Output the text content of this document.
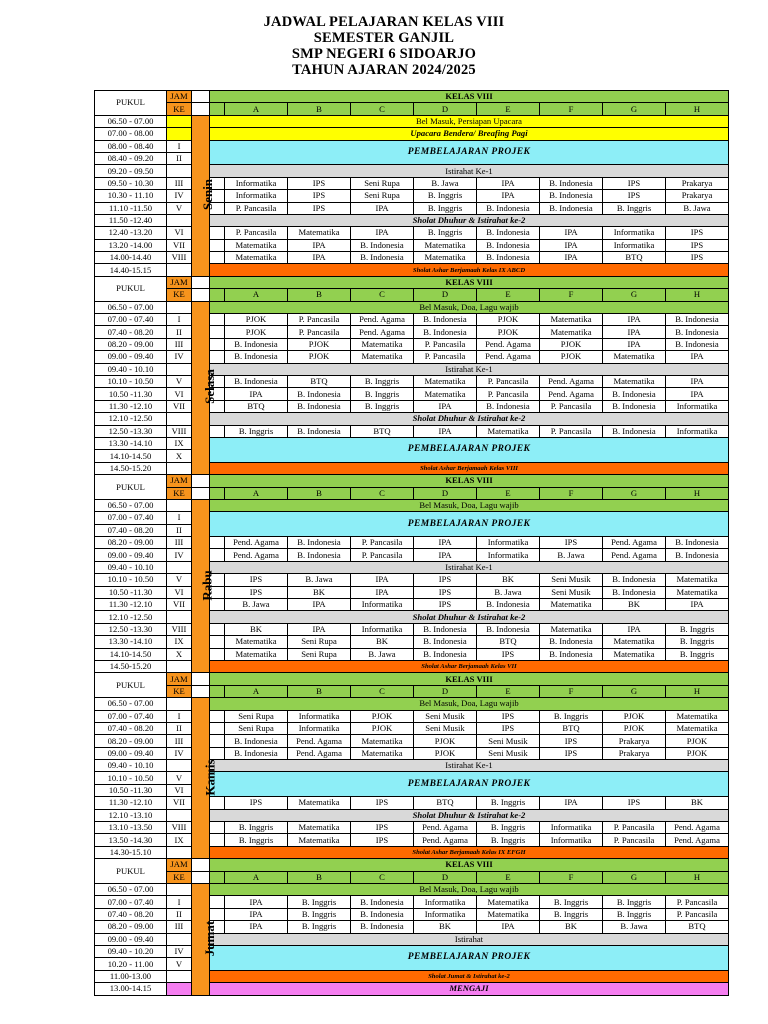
JADWAL PELAJARAN KELAS VIII
SEMESTER GANJIL
SMP NEGERI 6 SIDOARJO
TAHUN AJARAN 2024/2025
PUKUL	JAM		KELAS VIII								
	KE			A	B	C	D	E	F	G	H
06.50 - 07.00		Senin	Bel Masuk, Persiapan Upacara								
07.00 - 08.00			Upacara Bendera/ Breafing Pagi								
08.00 - 08.40	I		PEMBELAJARAN PROJEK								
08.40 - 09.20	II										
09.20 - 09.50			Istirahat Ke-1								
09.50 - 10.30	III			Informatika	IPS	Seni Rupa	B. Jawa	IPA	B. Indonesia	IPS	Prakarya
10.30 - 11.10	IV			Informatika	IPS	Seni Rupa	B. Inggris	IPA	B. Indonesia	IPS	Prakarya
11.10 -11.50	V			P. Pancasila	IPS	IPA	B. Inggris	B. Indonesia	B. Indonesia	B. Inggris	B. Jawa
11.50 -12.40			Sholat Dhuhur & Istirahat ke-2								
12.40 -13.20	VI			P. Pancasila	Matematika	IPA	B. Inggris	B. Indonesia	IPA	Informatika	IPS
13.20 -14.00	VII			Matematika	IPA	B. Indonesia	Matematika	B. Indonesia	IPA	Informatika	IPS
14.00-14.40	VIII			Matematika	IPA	B. Indonesia	Matematika	B. Indonesia	IPA	BTQ	IPS
14.40-15.15			Sholat Ashar Berjamaah Kelas IX ABCD								
PUKUL	JAM		KELAS VIII								
	KE			A	B	C	D	E	F	G	H
06.50 - 07.00		Selasa	Bel Masuk, Doa, Lagu wajib								
07.00 - 07.40	I			PJOK	P. Pancasila	Pend. Agama	B. Indonesia	PJOK	Matematika	IPA	B. Indonesia
07.40 - 08.20	II			PJOK	P. Pancasila	Pend. Agama	B. Indonesia	PJOK	Matematika	IPA	B. Indonesia
08.20 - 09.00	III			B. Indonesia	PJOK	Matematika	P. Pancasila	Pend. Agama	PJOK	IPA	B. Indonesia
09.00 - 09.40	IV			B. Indonesia	PJOK	Matematika	P. Pancasila	Pend. Agama	PJOK	Matematika	IPA
09.40 - 10.10			Istirahat Ke-1								
10.10 - 10.50	V			B. Indonesia	BTQ	B. Inggris	Matematika	P. Pancasila	Pend. Agama	Matematika	IPA
10.50 -11.30	VI			IPA	B. Indonesia	B. Inggris	Matematika	P. Pancasila	Pend. Agama	B. Indonesia	IPA
11.30 -12.10	VII			BTQ	B. Indonesia	B. Inggris	IPA	B. Indonesia	P. Pancasila	B. Indonesia	Informatika
12.10 -12.50			Sholat Dhuhur & Istirahat ke-2								
12.50 -13.30	VIII			B. Inggris	B. Indonesia	BTQ	IPA	Matematika	P. Pancasila	B. Indonesia	Informatika
13.30 -14.10	IX		PEMBELAJARAN PROJEK								
14.10-14.50	X										
14.50-15.20			Sholat Ashar Berjamaah Kelas VIII								
PUKUL	JAM		KELAS VIII								
	KE			A	B	C	D	E	F	G	H
06.50 - 07.00		Rabu	Bel Masuk, Doa, Lagu wajib								
07.00 - 07.40	I		PEMBELAJARAN PROJEK								
07.40 - 08.20	II										
08.20 - 09.00	III			Pend. Agama	B. Indonesia	P. Pancasila	IPA	Informatika	IPS	Pend. Agama	B. Indonesia
09.00 - 09.40	IV			Pend. Agama	B. Indonesia	P. Pancasila	IPA	Informatika	B. Jawa	Pend. Agama	B. Indonesia
09.40 - 10.10			Istirahat Ke-1								
10.10 - 10.50	V			IPS	B. Jawa	IPA	IPS	BK	Seni Musik	B. Indonesia	Matematika
10.50 -11.30	VI			IPS	BK	IPA	IPS	B. Jawa	Seni Musik	B. Indonesia	Matematika
11.30 -12.10	VII			B. Jawa	IPA	Informatika	IPS	B. Indonesia	Matematika	BK	IPA
12.10 -12.50			Sholat Dhuhur & Istirahat ke-2								
12.50 -13.30	VIII			BK	IPA	Informatika	B. Indonesia	B. Indonesia	Matematika	IPA	B. Inggris
13.30 -14.10	IX			Matematika	Seni Rupa	BK	B. Indonesia	BTQ	B. Indonesia	Matematika	B. Inggris
14.10-14.50	X			Matematika	Seni Rupa	B. Jawa	B. Indonesia	IPS	B. Indonesia	Matematika	B. Inggris
14.50-15.20			Sholat Ashar Berjamaah Kelas VII								
PUKUL	JAM		KELAS VIII								
	KE			A	B	C	D	E	F	G	H
06.50 - 07.00		Kamis	Bel Masuk, Doa, Lagu wajib								
07.00 - 07.40	I			Seni Rupa	Informatika	PJOK	Seni Musik	IPS	B. Inggris	PJOK	Matematika
07.40 - 08.20	II			Seni Rupa	Informatika	PJOK	Seni Musik	IPS	BTQ	PJOK	Matematika
08.20 - 09.00	III			B. Indonesia	Pend. Agama	Matematika	PJOK	Seni Musik	IPS	Prakarya	PJOK
09.00 - 09.40	IV			B. Indonesia	Pend. Agama	Matematika	PJOK	Seni Musik	IPS	Prakarya	PJOK
09.40 - 10.10			Istirahat Ke-1								
10.10 - 10.50	V		PEMBELAJARAN PROJEK								
10.50 -11.30	VI										
11.30 -12.10	VII			IPS	Matematika	IPS	BTQ	B. Inggris	IPA	IPS	BK
12.10 -13.10			Sholat Dhuhur & Istirahat ke-2								
13.10 -13.50	VIII			B. Inggris	Matematika	IPS	Pend. Agama	B. Inggris	Informatika	P. Pancasila	Pend. Agama
13.50 -14.30	IX			B. Inggris	Matematika	IPS	Pend. Agama	B. Inggris	Informatika	P. Pancasila	Pend. Agama
14.30-15.10			Sholat Ashar Berjamaah Kelas IX EFGH								
PUKUL	JAM		KELAS VIII								
	KE			A	B	C	D	E	F	G	H
06.50 - 07.00		Jumat	Bel Masuk, Doa, Lagu wajib								
07.00 - 07.40	I			IPA	B. Inggris	B. Indonesia	Informatika	Matematika	B. Inggris	B. Inggris	P. Pancasila
07.40 - 08.20	II			IPA	B. Inggris	B. Indonesia	Informatika	Matematika	B. Inggris	B. Inggris	P. Pancasila
08.20 - 09.00	III			IPA	B. Inggris	B. Indonesia	BK	IPA	BK	B. Jawa	BTQ
09.00 - 09.40			Istirahat								
09.40 - 10.20	IV		PEMBELAJARAN PROJEK								
10.20 - 11.00	V										
11.00-13.00			Sholat Jumat & Istirahat ke-2								
13.00-14.15			MENGAJI								
